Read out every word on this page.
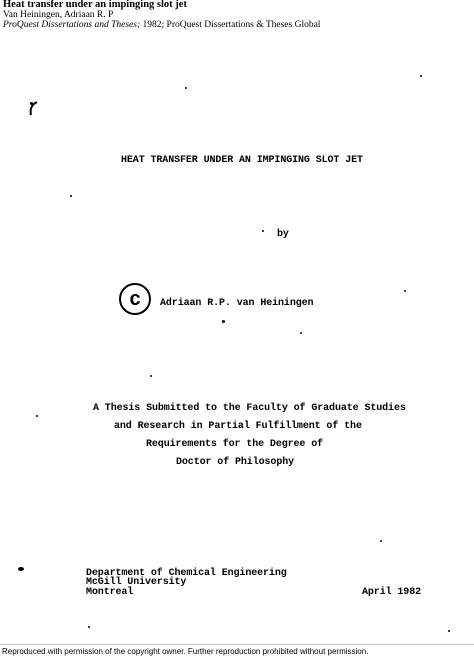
Heat transfer under an impinging slot jet
Van Heiningen, Adriaan R. P
ProQuest Dissertations and Theses; 1982; ProQuest Dissertations & Theses Global
HEAT TRANSFER UNDER AN IMPINGING SLOT JET
by
c	Adriaan R.P. van Heiningen
A Thesis Submitted to the Faculty of Graduate Studies
and Research in Partial Fulfillment of the
Requirements for the Degree of
Doctor of Philosophy
Department of Chemical Engineering
McGill University
Montreal	April 1982
Reproduced with permission of the copyright owner. Further reproduction prohibited without permission.
